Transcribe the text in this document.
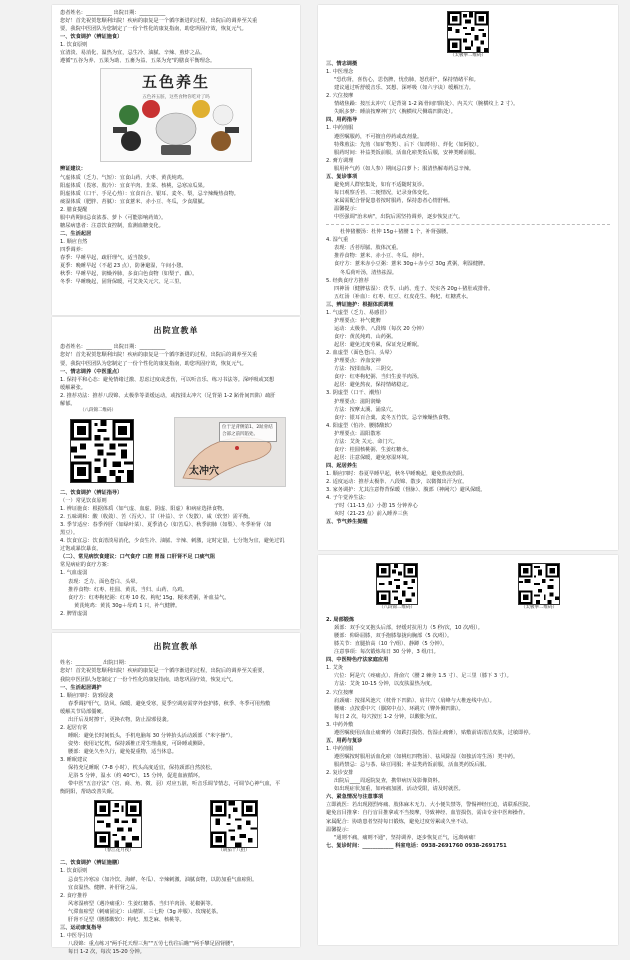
患者姓名：__________ 出院日期：__________
您好！首先祝贺您顺利出院！疾病的康复是一个循序渐进的过程，出院后的调养至关重
要，我院中医团队为您制定了一份个性化的康复指南，助您巩固疗效，恢复元气。
一、饮食调护（辨证施食）
1. 饮食原则
宜清淡、易消化、温热为宜，忌生冷、油腻、辛辣、煎炸之品。
遵循"五谷为养、五果为助、五畜为益、五菜为充"的膳食平衡理念。
五色养生
五色养五脏，这些食物你吃对了吗
辨证建议：
气虚体质（乏力、气短）：宜食山药、大枣、黄芪炖鸡。
阳虚体质（畏寒、肢冷）：宜食羊肉、韭菜、核桃，忌寒凉瓜果。
阴虚体质（口干、手足心热）：宜食百合、银耳、麦冬、梨，忌辛辣燥热食物。
痰湿体质（肥胖、苔腻）：宜食薏米、赤小豆、冬瓜，少食甜腻。
2. 膳食提醒
服中药期间忌食浓茶、萝卜（可能影响药效）。
糖尿病患者：注意饮食控制，监测血糖变化。
二、生活起居
1. 顺应自然
四季调养：
春季：早睡早起，疏肝理气，适当散步。
夏季：晚睡早起（不超 23 点），防暑避湿，午间小憩。
秋季：早睡早起，润燥养肺，多食白色食物（如梨子、藕）。
冬季：早睡晚起，固肾保暖，可艾灸关元穴、足三里。
出院宣教单
患者姓名：__________ 出院日期：__________
您好！首先祝贺您顺利出院！疾病的康复是一个循序渐进的过程，出院后的调养至关重
要，我院中医团队为您制定了一份个性化的康复指南，助您巩固疗效，恢复元气。
一、情志调养（中医重点）
1. 保持平和心态：避免情绪过激、思虑过度或悲伤，可以听音乐、练习书法等。深呼吸或冥想
缓解紧张。
2. 推荐功法：推荐八段锦、太极拳等柔缓运动，或按揉太冲穴（足背第 1-2 跖骨间凹陷）疏肝
解郁。
（八段锦二维码）
位于足背侧第1、2趾骨结合部之前凹陷处。
太冲穴
二、饮食调护（辨证指导）
（一）常见饮食原则
1. 辨证施食：根据体质（如气虚、血虚、阴虚、阳虚）和病症选择食物。
2. 五味调和：酸（收敛）、苦（泻火）、甘（补益）、辛（发散）、咸（软坚）需平衡。
3. 季节适应：春季养肝（如绿叶菜）、夏季清心（如苦瓜）、秋季润肺（如梨）、冬季补肾（如
黑豆）。
4. 饮食宜忌：饮食清淡易消化，少食生冷、油腻、辛辣、刺激，定时定量，七分饱为宜，避免过饥
过饱或暴饮暴食。
（二）、常见病饮食建议：口气食疗 口腔 胃湿 口肝肾不足 口痰气阻
常见病症的食疗方案：
1. 气血虚弱
表现：乏力、面色苍白、头晕。
推荐食物：红枣、桂圆、黄芪、当归、山药、乌鸡。
食疗方：红枣枸杞粥：红枣 10 枚、枸杞 15g、粳米煮粥，补血益气。
黄芪炖鸡：黄芪 30g＋母鸡 1 只，补气健脾。
2. 脾胃虚弱
出院宣教单
姓名：__________ 出院日期：__________
您好！首先祝贺您顺利出院！疾病的康复是一个循序渐进的过程，出院后的调养至关重要，
我院中医团队为您制定了一份个性化的康复指南，助您巩固疗效，恢复元气。
一、生活起居调护
1. 顺应四时：防邪侵袭
春季调护肝气，防风、保暖、避免受寒，夏季空调房需穿外套护膝，秋季、冬季可用热敷
缓解关节局部僵硬。
出汗后及时擦干，更换衣物，防止湿邪侵袭。
2. 起居有常
睡眠：避免长时间低头，手机电脑每 30 分钟抬头活动颈部（"米字操"）。
姿势：使用记忆枕，保持颈椎正常生理曲度，可卧睡或侧卧。
腰部：避免久坐久行，避免提重物，适当休息。
3. 睡眠建议
保持充足睡眠（7-8 小时），枕头高度适宜，保持颈部自然放松。
足浴 5 分钟，温水（约 40℃），15 分钟，促进血液循环。
带中医"五音疗法"（宫、商、角、徵、羽）对应五脏，听音乐调节情志，可调节心神气血，平
衡阴阳，帮助改善失眠。
（春江花月夜）	（胡笳十八拍）
二、饮食调护（辨证施膳）
1. 饮食原则
忌食生冷寒凉（如冷饮、海鲜、冬瓜）、辛辣刺激、油腻食物，以防加重气血瘀阻。
宜食温热、健脾、补肝肾之品。
2. 食疗推荐
风寒湿痹型（遇冷痛重）：生姜红糖茶、当归羊肉汤、花椒粥等。
气滞血瘀型（刺痛固定）：山楂饼、三七粉（3g 冲服）、玫瑰花茶。
肝肾不足型（腰膝酸软）：枸杞、黑芝麻、核桃等。
三、运动康复指导
1. 中医导引功
八段锦：重点练习"两手托天理三焦""五劳七伤往后瞧""两手攀足固肾腰"，
每日 1-2 次，每次 15-20 分钟。
（太极拳二维码）
三、情志调摄
1. 中医理念
"恐伤肾，喜伤心，思伤脾，忧伤肺，怒伤肝"，保持情绪平和。
建议通过听舒缓音乐、冥想、深呼吸（如六字诀）缓解压力。
2. 穴位按摩
情绪焦躁：按压太冲穴（足背第 1-2 跖骨间凹陷处）、内关穴（腕横纹上 2 寸）。
失眠多梦：睡前按摩神门穴（腕横纹尺侧端凹陷处）。
四、用药指导
1. 中药煎服
遵医嘱服药，不可擅自停药或改剂量。
特殊煎法：先煎（如矿物类）、后下（如薄荷）、烊化（如阿胶）。
服药时间：补益类饭前服，活血化瘀类饭后服，安神类睡前服。
2. 膏方调理
服用补气药（如人参）期间忌白萝卜；服清热解毒药忌辛辣。
五、复诊事项
避免到人群密集处，如有不适随时复诊。
每日观察舌苔、二便情况，记录身体变化。
家属需配合督促患者按时服药，保持患者心情舒畅。
温馨提示：
中医强调"治未病"，出院后需坚持调养，逐步恢复正气。
杜仲猪腰汤：杜仲 15g＋猪腰 1 个，补肾强腰。
4. 湿气重
表现：舌苔厚腻、肢体沉重。
推荐食物：薏米、赤小豆、冬瓜、荷叶。
食疗方：薏米赤小豆粥：薏米 30g＋赤小豆 30g 煮粥，利湿健脾。
冬瓜荷叶汤，清热祛湿。
5. 经典食疗方推荐
四神汤（健脾祛湿）：茯苓、山药、莲子、芡实各 20g＋猪肚或排骨。
五红汤（补血）：红枣、红豆、红皮花生、枸杞、红糖煮水。
三、辨证施护：根据体质调理
1. 气虚型（乏力、易感冒）
护理要点：补气健脾
运动：太极拳、八段锦（每次 20 分钟）
食疗：黄芪炖鸡、山药粥。
起居：避免过度劳累，保证充足睡眠。
2. 血虚型（面色苍白、头晕）
护理要点：养血安神
方法：按揉血海、三阴交。
食疗：红枣枸杞粥、当归生姜羊肉汤。
起居：避免熬夜，保持情绪稳定。
3. 阴虚型（口干、潮热）
护理要点：滋阴润燥
方法：按摩太溪、涌泉穴。
食疗：银耳百合羹、麦冬五竹饮。忌辛辣燥热食物。
4. 阳虚型（怕冷、腰膝酸软）
护理要点：温阳散寒
方法：艾灸 关元、命门穴。
食疗：桂圆核桃粥、生姜红糖水。
起居：注意保暖，避免寒湿环境。
四、起居养生
1. 顺应四时：春夏早睡早起，秋冬早睡晚起，避免熬夜伤阴。
2. 适度运动：推荐太极拳、八段锦、散步，以微微出汗为宜。
3. 家务调护：尤其注意脊背保暖（督脉）、腹部（神阙穴）避风保暖。
4. 子午觉养生法：
子时（11-13 点）小憩 15 分钟养心
亥时（21-23 点）前入睡养三焦
五、节气养生提醒
（八段锦二维码）	（太极拳二维码）
2. 局部锻炼
颈部：双手交叉抱头后部，轻缓对抗用力（5 秒/次，10 次/组）。
腰部：仰卧屈膝，双手抱膝靠拢向胸部（5 次/组）。
膝关节：直腿抬高（10 个/组）、静蹲（5 分钟）。
注意事项：每次锻炼每日 30 分钟，3 组/日。
四、中医特色疗法家庭应用
1. 艾灸
穴位：阿是穴（疼痛点）、肾俞穴（腰 2 棘旁 1.5 寸）、足三里（膝下 3 寸）。
方法：艾灸 10-15 分钟，以皮肤温热为度。
2. 穴位按摩
肩颈痛：按揉风池穴（枕骨下凹陷）、肩井穴（肩峰与大椎连线中点）。
腰痛：点按委中穴（腘窝中点）、环跳穴（臀外侧凹陷）。
每日 2 次，每穴按压 1-2 分钟，以酸胀为宜。
3. 中药外敷
遵医嘱使用活血止痛膏药（如跌打损伤、伤湿止痛膏），贴敷前请清洁皮肤，过敏即停。
五、用药与复诊
1. 中药煎服
遵医嘱按时服用活血化瘀（如桃红四物汤）、祛风除湿（如独活寄生汤）类中药。
服药禁忌：忌与茶、绿豆同服；补益类药饭前服，活血类药饭后服。
2. 复诊安排
出院后____周返院复查，携带病历及影像资料。
如出现症状加重，如疼痛加剧、活动受限，请及时就医。
六、紧急情况与注意事项
立即就医：若出现剧烈疼痛、肢体麻木无力、大小便失禁等，警惕神经压迫，请联系医院。
避免盲目推拿：自行盲目推拿或不当按摩，导致神经、血管损伤，需由专业中医师操作。
家属配合：协助患者坚持每日锻炼，避免过度劳累或久坐不动。
温馨提示：
"通则不痛，痛则不通"，坚持调养，逐步恢复正气，远离病痛！
七、复诊时间：____________ 科室电话：0938-2691760 0938-2691751
